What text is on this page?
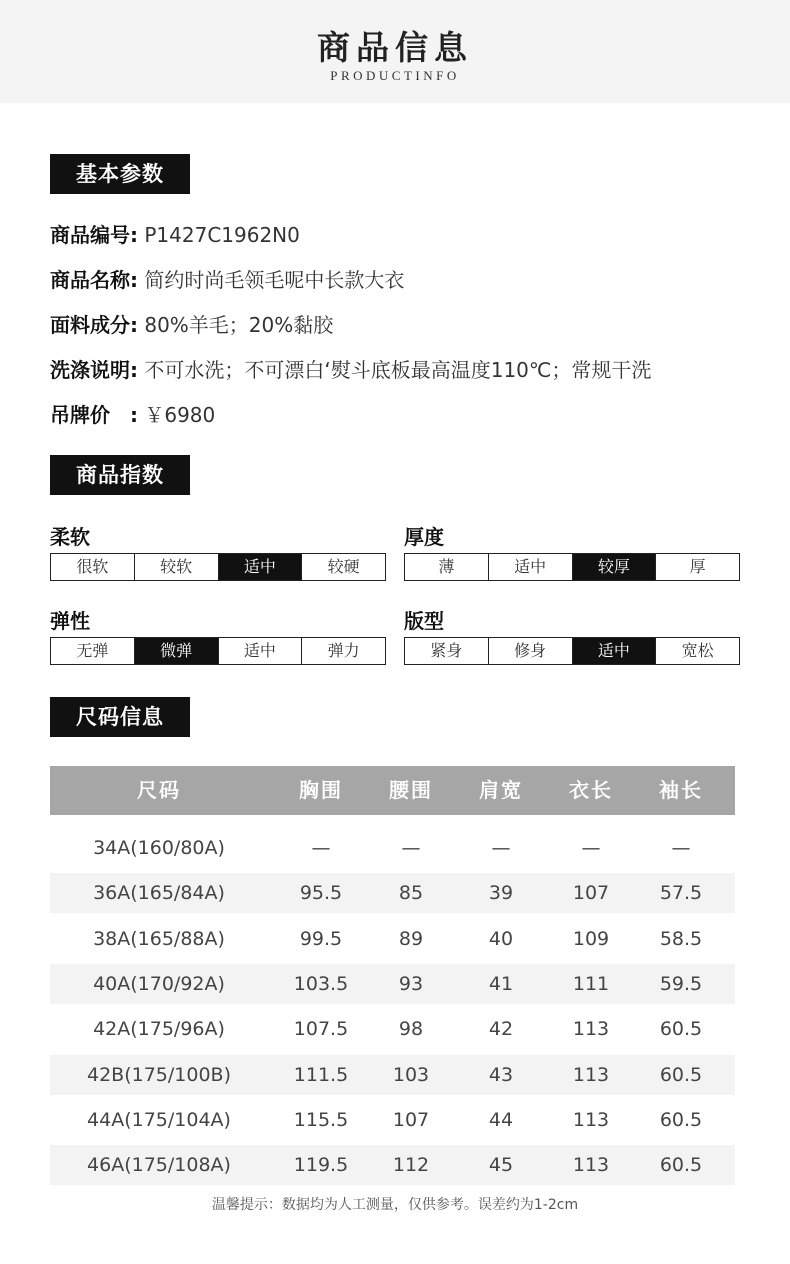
商品信息
PRODUCTINFO
基本参数
商品编号: P1427C1962N0
商品名称: 简约时尚毛领毛呢中长款大衣
面料成分: 80%羊毛；20%黏胶
洗涤说明: 不可水洗；不可漂白‘熨斗底板最高温度110℃；常规干洗
吊牌价　: ￥6980
商品指数
柔软
很软	较软	适中	较硬
厚度
薄	适中	较厚	厚
弹性
无弹	微弹	适中	弹力
版型
紧身	修身	适中	宽松
尺码信息
尺码	胸围	腰围	肩宽	衣长	袖长
34A(160/80A)	—	—	—	—	—
36A(165/84A)	95.5	85	39	107	57.5
38A(165/88A)	99.5	89	40	109	58.5
40A(170/92A)	103.5	93	41	111	59.5
42A(175/96A)	107.5	98	42	113	60.5
42B(175/100B)	111.5	103	43	113	60.5
44A(175/104A)	115.5	107	44	113	60.5
46A(175/108A)	119.5	112	45	113	60.5
温馨提示：数据均为人工测量，仅供参考。误差约为1-2cm
